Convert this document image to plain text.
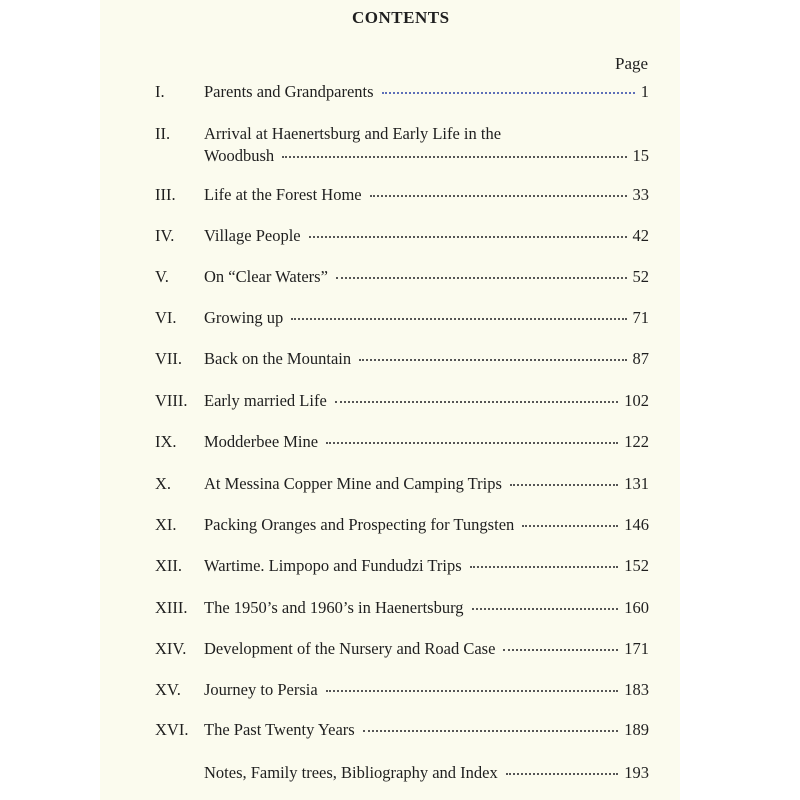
CONTENTS
Page
I. Parents and Grandparents	1
II. Arrival at Haenertsburg and Early Life in the
Woodbush	15
III. Life at the Forest Home	33
IV. Village People	42
V. On “Clear Waters”	52
VI. Growing up	71
VII. Back on the Mountain	87
VIII. Early married Life	102
IX. Modderbee Mine	122
X. At Messina Copper Mine and Camping Trips	131
XI. Packing Oranges and Prospecting for Tungsten	146
XII. Wartime. Limpopo and Fundudzi Trips	152
XIII. The 1950’s and 1960’s in Haenertsburg	160
XIV. Development of the Nursery and Road Case	171
XV. Journey to Persia	183
XVI. The Past Twenty Years	189
Notes, Family trees, Bibliography and Index	193
